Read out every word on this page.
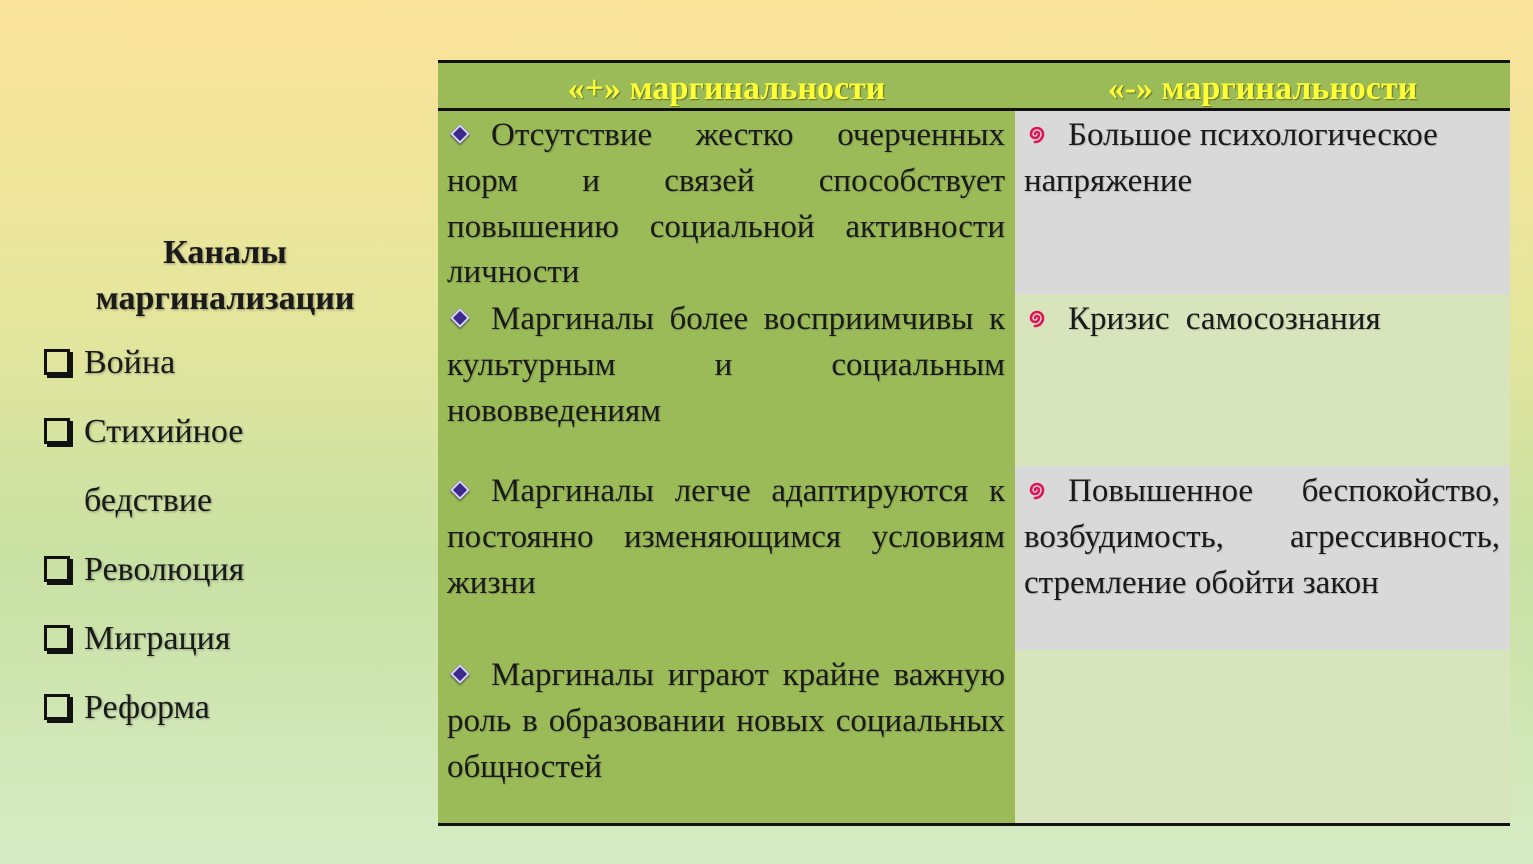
Каналы
маргинализации
Война
Стихийное
бедствие
Революция
Миграция
Реформа
«+» маргинальности	«-» маргинальности
Отсутствие жестко очерченных норм и связей способствует повышению социальной активности личности
Маргиналы более восприимчивы к культурным и социальным нововведениям
Маргиналы легче адаптируются к постоянно изменяющимся условиям жизни
Маргиналы играют крайне важную роль в образовании новых социальных общностей
Большое психологическое напряжение
Кризис самосознания
Повышенное беспокойство, возбудимость, агрессивность, стремление обойти закон
